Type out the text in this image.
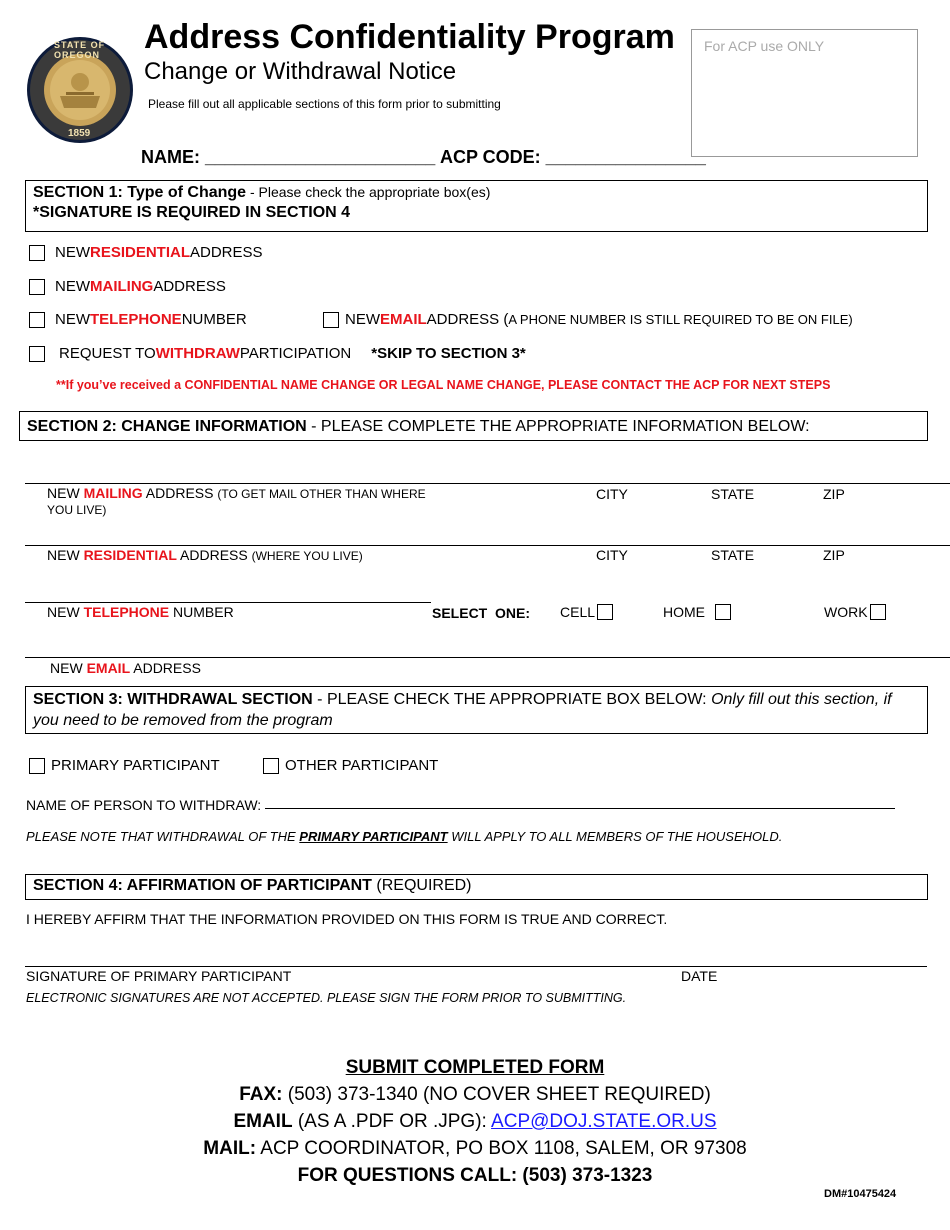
STATE OF OREGON
1859
Address Confidentiality Program
Change or Withdrawal Notice
Please fill out all applicable sections of this form prior to submitting
For ACP use ONLY
NAME: _______________________ ACP CODE: ________________
SECTION 1: Type of Change - Please check the appropriate box(es)
*SIGNATURE IS REQUIRED IN SECTION 4
NEW RESIDENTIAL ADDRESS
NEW MAILING ADDRESS
NEW TELEPHONE NUMBER	NEW EMAIL ADDRESS ( A PHONE NUMBER IS STILL REQUIRED TO BE ON FILE)
REQUEST TO WITHDRAW PARTICIPATION *SKIP TO SECTION 3*
**If you’ve received a CONFIDENTIAL NAME CHANGE OR LEGAL NAME CHANGE, PLEASE CONTACT THE ACP FOR NEXT STEPS
SECTION 2: CHANGE INFORMATION - PLEASE COMPLETE THE APPROPRIATE INFORMATION BELOW:
NEW MAILING ADDRESS (TO GET MAIL OTHER THAN WHERE
YOU LIVE)
CITY	STATE	ZIP
NEW RESIDENTIAL ADDRESS (WHERE YOU LIVE)	CITY	STATE	ZIP
NEW TELEPHONE NUMBER	SELECT  ONE: CELL	HOME	WORK
NEW EMAIL ADDRESS
SECTION 3: WITHDRAWAL SECTION - PLEASE CHECK THE APPROPRIATE BOX BELOW: Only fill out this section, if
you need to be removed from the program
PRIMARY PARTICIPANT	OTHER PARTICIPANT
NAME OF PERSON TO WITHDRAW:
PLEASE NOTE THAT WITHDRAWAL OF THE PRIMARY PARTICIPANT WILL APPLY TO ALL MEMBERS OF THE HOUSEHOLD.
SECTION 4: AFFIRMATION OF PARTICIPANT (REQUIRED)
I HEREBY AFFIRM THAT THE INFORMATION PROVIDED ON THIS FORM IS TRUE AND CORRECT.
SIGNATURE OF PRIMARY PARTICIPANT	DATE
ELECTRONIC SIGNATURES ARE NOT ACCEPTED. PLEASE SIGN THE FORM PRIOR TO SUBMITTING.
SUBMIT COMPLETED FORM
FAX: (503) 373-1340 (NO COVER SHEET REQUIRED)
EMAIL (AS A .PDF OR .JPG): ACP@DOJ.STATE.OR.US
MAIL: ACP COORDINATOR, PO BOX 1108, SALEM, OR 97308
FOR QUESTIONS CALL: (503) 373-1323
DM#10475424
